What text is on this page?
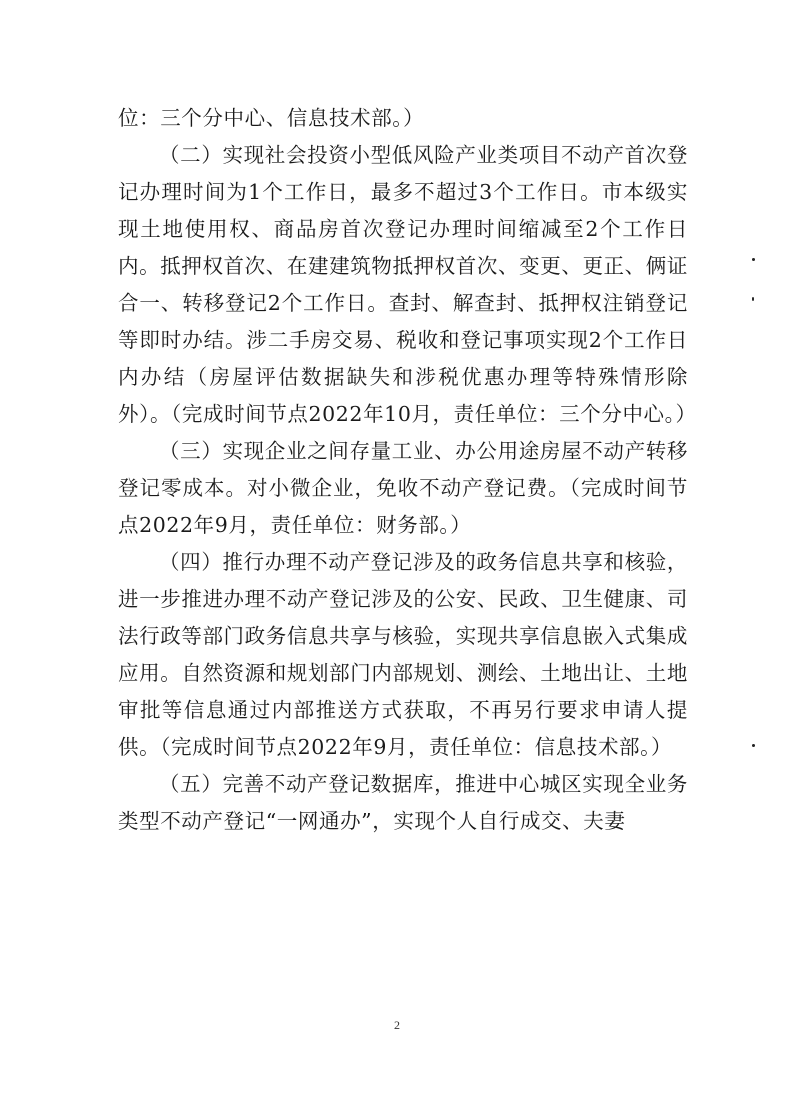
位：三个分中心、信息技术部。）

（二）实现社会投资小型低风险产业类项目不动产首次登记办理时间为1个工作日，最多不超过3个工作日。市本级实现土地使用权、商品房首次登记办理时间缩减至2个工作日内。抵押权首次、在建建筑物抵押权首次、变更、更正、俩证合一、转移登记2个工作日。查封、解查封、抵押权注销登记等即时办结。涉二手房交易、税收和登记事项实现2个工作日内办结（房屋评估数据缺失和涉税优惠办理等特殊情形除外）。（完成时间节点2022年10月，责任单位：三个分中心。）

（三）实现企业之间存量工业、办公用途房屋不动产转移登记零成本。对小微企业，免收不动产登记费。（完成时间节点2022年9月，责任单位：财务部。）

（四）推行办理不动产登记涉及的政务信息共享和核验，进一步推进办理不动产登记涉及的公安、民政、卫生健康、司法行政等部门政务信息共享与核验，实现共享信息嵌入式集成应用。自然资源和规划部门内部规划、测绘、土地出让、土地审批等信息通过内部推送方式获取，不再另行要求申请人提供。（完成时间节点2022年9月，责任单位：信息技术部。）

（五）完善不动产登记数据库，推进中心城区实现全业务类型不动产登记“一网通办”，实现个人自行成交、夫妻

2
